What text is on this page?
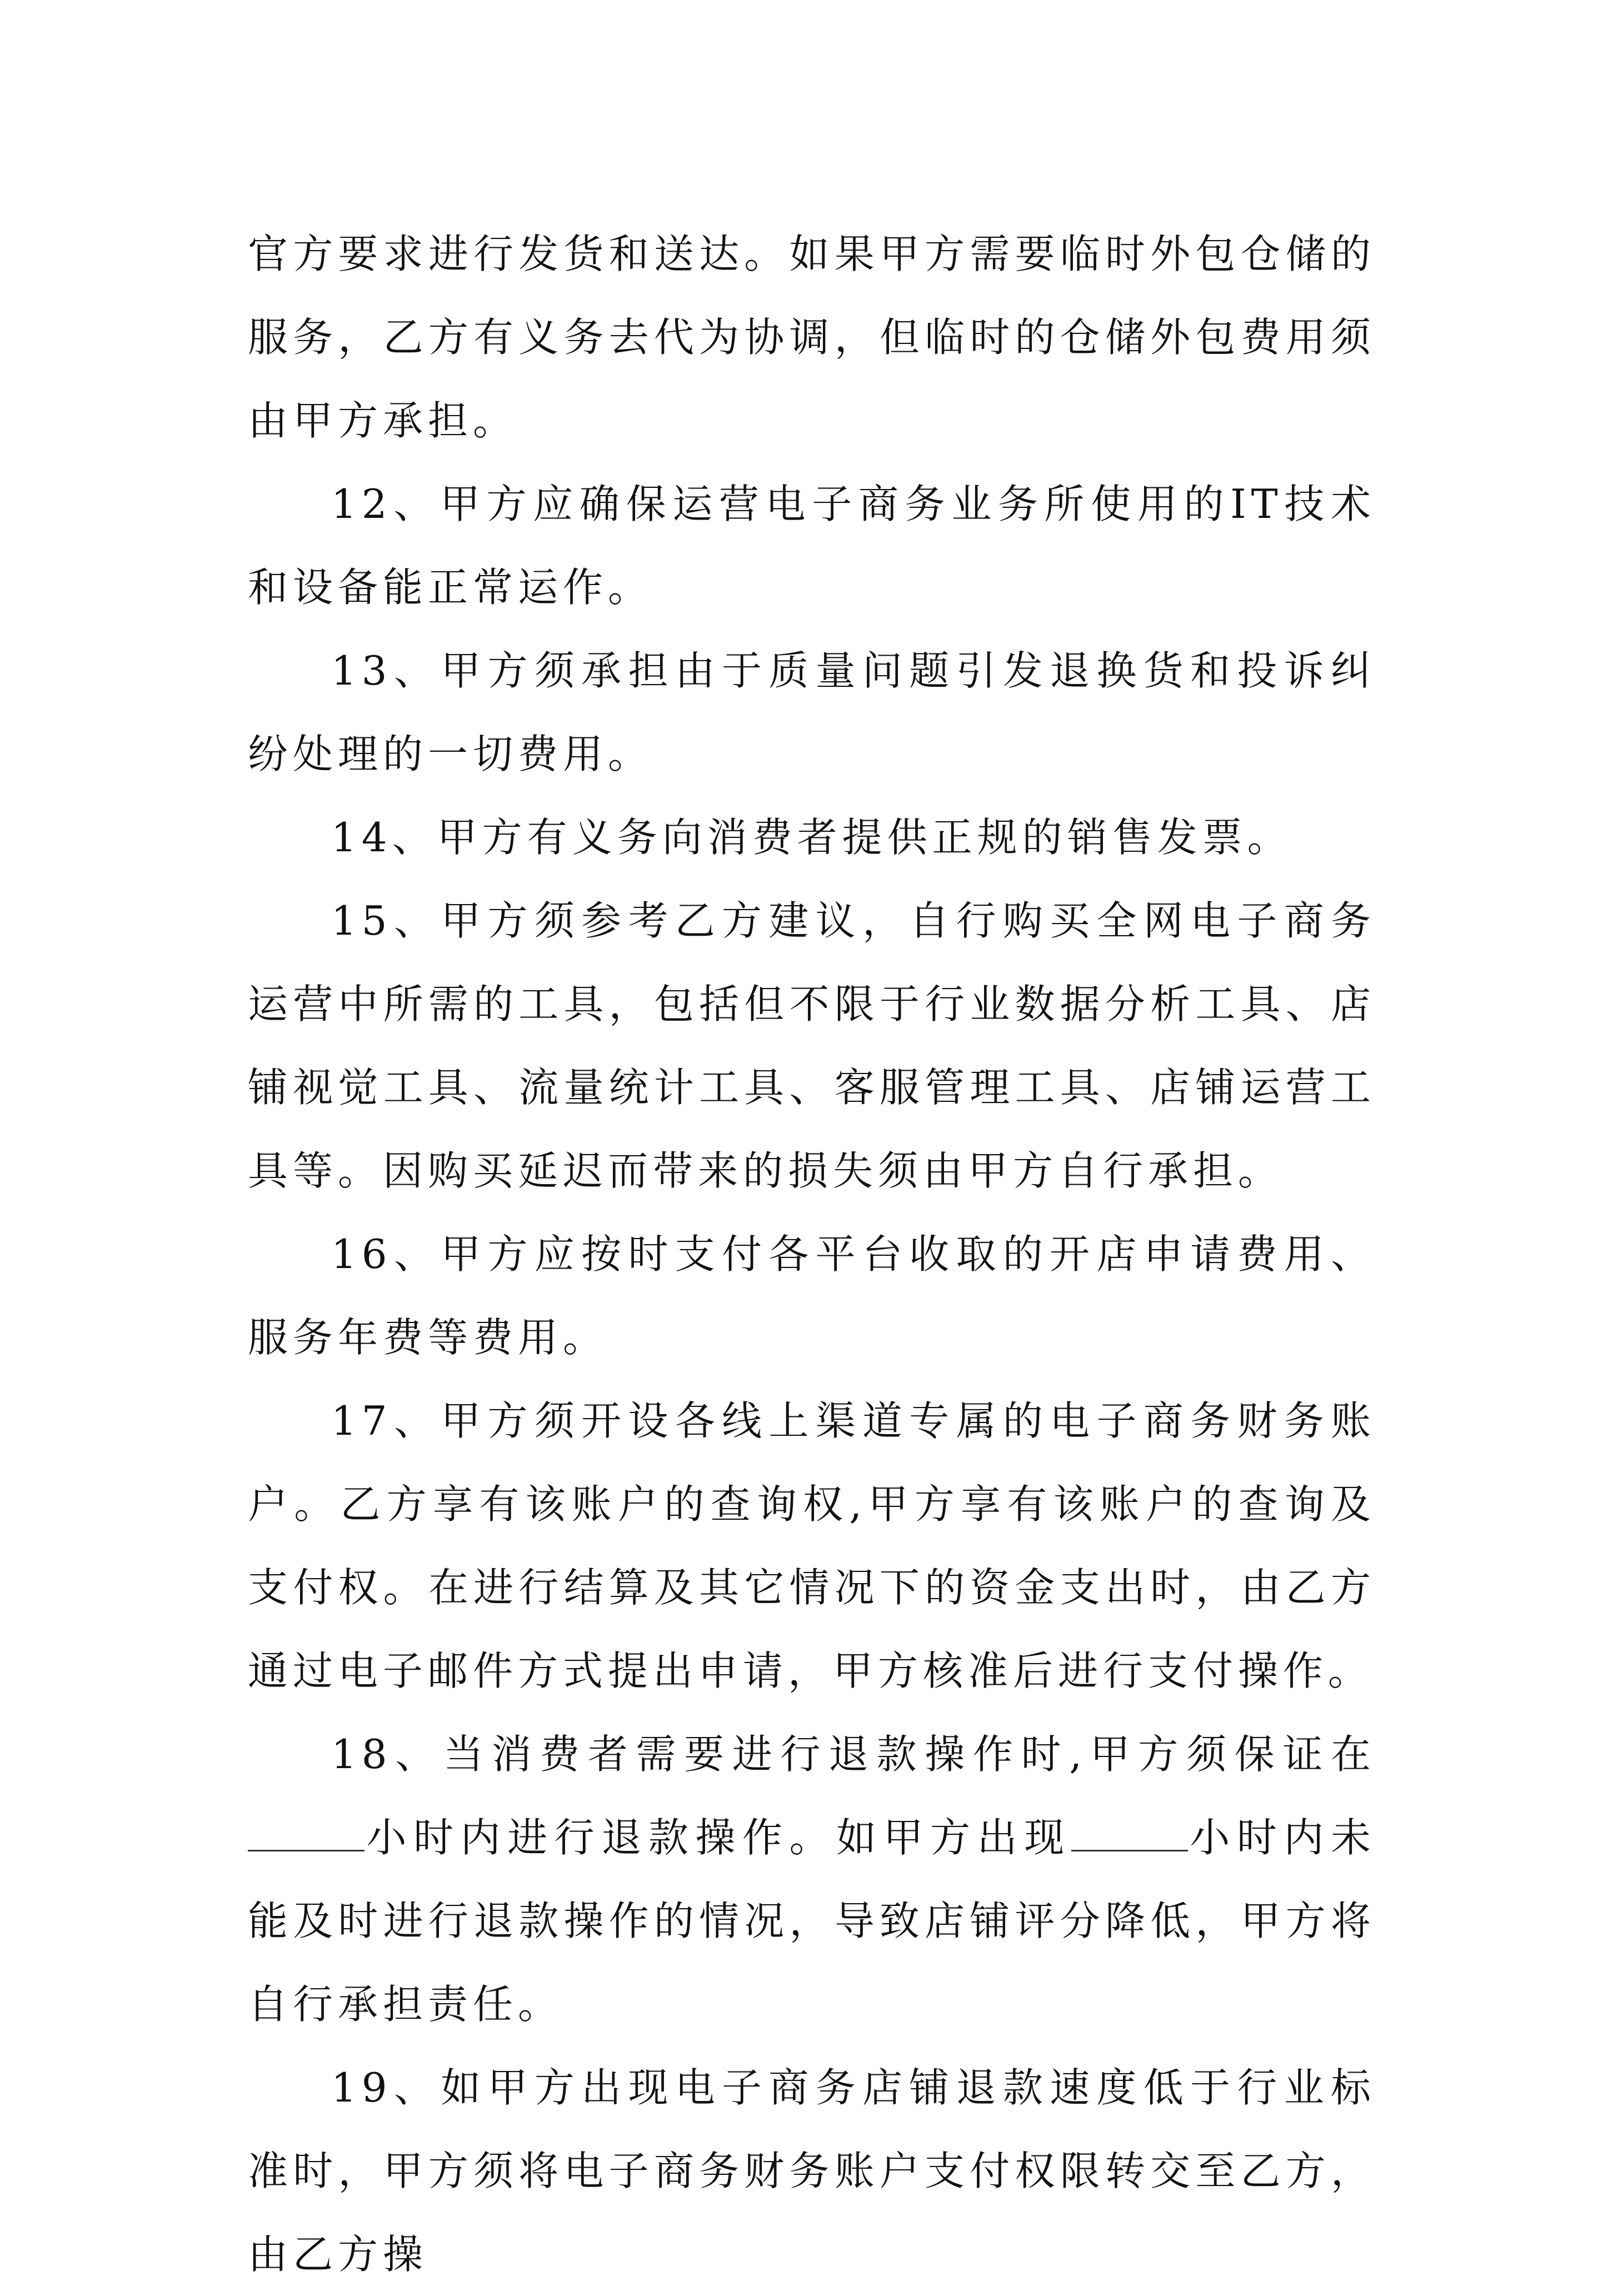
官方要求进行发货和送达。如果甲方需要临时外包仓储的服务，乙方有义务去代为协调，但临时的仓储外包费用须由甲方承担。

12、甲方应确保运营电子商务业务所使用的IT技术和设备能正常运作。

13、甲方须承担由于质量问题引发退换货和投诉纠纷处理的一切费用。

14、甲方有义务向消费者提供正规的销售发票。

15、甲方须参考乙方建议，自行购买全网电子商务运营中所需的工具，包括但不限于行业数据分析工具、店铺视觉工具、流量统计工具、客服管理工具、店铺运营工具等。因购买延迟而带来的损失须由甲方自行承担。

16、甲方应按时支付各平台收取的开店申请费用、服务年费等费用。

17、甲方须开设各线上渠道专属的电子商务财务账户。乙方享有该账户的查询权,甲方享有该账户的查询及支付权。在进行结算及其它情况下的资金支出时，由乙方通过电子邮件方式提出申请，甲方核准后进行支付操作。

18、当消费者需要进行退款操作时,甲方须保证在小时内进行退款操作。如甲方出现	小时内未能及时进行退款操作的情况，导致店铺评分降低，甲方将自行承担责任。

19、如甲方出现电子商务店铺退款速度低于行业标准时，甲方须将电子商务财务账户支付权限转交至乙方，由乙方操
